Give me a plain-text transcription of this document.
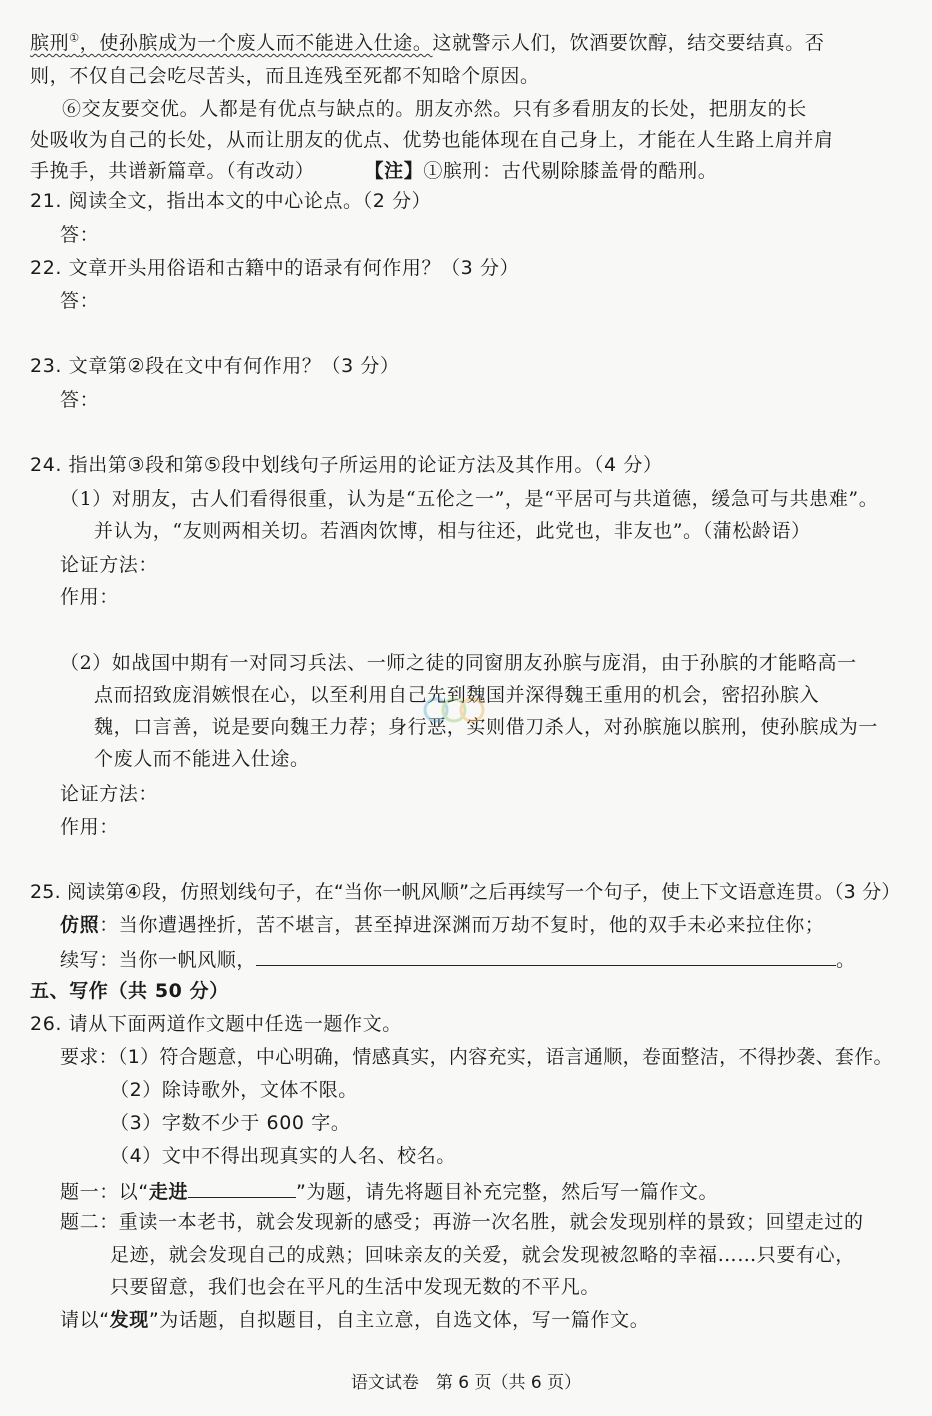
膑刑①，使孙膑成为一个废人而不能进入仕途。这就警示人们，饮酒要饮醇，结交要结真。否
则，不仅自己会吃尽苦头，而且连残至死都不知晗个原因。
⑥交友要交优。人都是有优点与缺点的。朋友亦然。只有多看朋友的长处，把朋友的长
处吸收为自己的长处，从而让朋友的优点、优势也能体现在自己身上，才能在人生路上肩并肩
手挽手，共谱新篇章。（有改动）	【注】①膑刑：古代剔除膝盖骨的酷刑。
21. 阅读全文，指出本文的中心论点。（2 分）
答：
22. 文章开头用俗语和古籍中的语录有何作用？（3 分）
答：
23. 文章第②段在文中有何作用？（3 分）
答：
24. 指出第③段和第⑤段中划线句子所运用的论证方法及其作用。（4 分）
（1）对朋友，古人们看得很重，认为是“五伦之一”，是“平居可与共道德，缓急可与共患难”。
并认为，“友则两相关切。若酒肉饮博，相与往还，此党也，非友也”。（蒲松龄语）
论证方法：
作用：
（2）如战国中期有一对同习兵法、一师之徒的同窗朋友孙膑与庞涓，由于孙膑的才能略高一
点而招致庞涓嫉恨在心，以至利用自己先到魏国并深得魏王重用的机会，密招孙膑入
魏，口言善，说是要向魏王力荐；身行恶，实则借刀杀人，对孙膑施以膑刑，使孙膑成为一
个废人而不能进入仕途。
论证方法：
作用：
25. 阅读第④段，仿照划线句子，在“当你一帆风顺”之后再续写一个句子，使上下文语意连贯。（3 分）
仿照：当你遭遇挫折，苦不堪言，甚至掉进深渊而万劫不复时，他的双手未必来拉住你；
续写：当你一帆风顺，	。
五、写作（共 50 分）
26. 请从下面两道作文题中任选一题作文。
要求：（1）符合题意，中心明确，情感真实，内容充实，语言通顺，卷面整洁，不得抄袭、套作。
（2）除诗歌外，文体不限。
（3）字数不少于 600 字。
（4）文中不得出现真实的人名、校名。
题一：以“走进	”为题，请先将题目补充完整，然后写一篇作文。
题二：重读一本老书，就会发现新的感受；再游一次名胜，就会发现别样的景致；回望走过的
足迹，就会发现自己的成熟；回味亲友的关爱，就会发现被忽略的幸福……只要有心，
只要留意，我们也会在平凡的生活中发现无数的不平凡。
请以“发现”为话题，自拟题目，自主立意，自选文体，写一篇作文。
语文试卷　第 6 页（共 6 页）
